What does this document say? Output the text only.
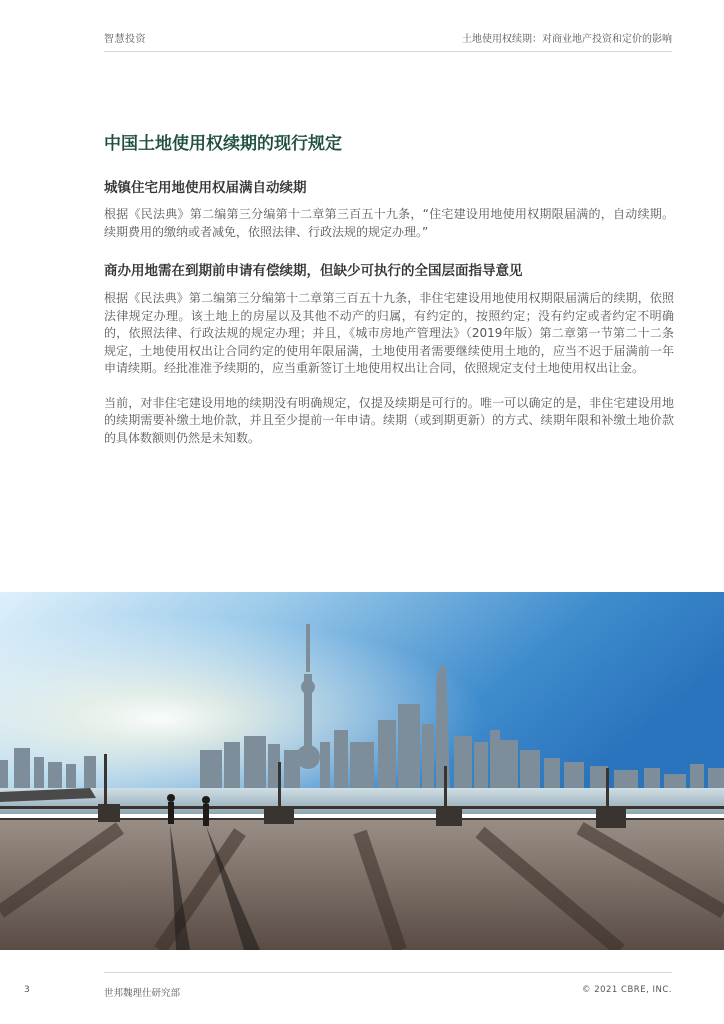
智慧投资	土地使用权续期：对商业地产投资和定价的影响
中国土地使用权续期的现行规定
城镇住宅用地使用权届满自动续期

根据《民法典》第二编第三分编第十二章第三百五十九条，“住宅建设用地使用权期限届满的，自动续期。续期费用的缴纳或者减免，依照法律、行政法规的规定办理。”

商办用地需在到期前申请有偿续期，但缺少可执行的全国层面指导意见

根据《民法典》第二编第三分编第十二章第三百五十九条，非住宅建设用地使用权期限届满后的续期，依照法律规定办理。该土地上的房屋以及其他不动产的归属，有约定的，按照约定；没有约定或者约定不明确的，依照法律、行政法规的规定办理；并且，《城市房地产管理法》（2019年版）第二章第一节第二十二条规定，土地使用权出让合同约定的使用年限届满，土地使用者需要继续使用土地的，应当不迟于届满前一年申请续期。经批准准予续期的，应当重新签订土地使用权出让合同，依照规定支付土地使用权出让金。

当前，对非住宅建设用地的续期没有明确规定，仅提及续期是可行的。唯一可以确定的是，非住宅建设用地的续期需要补缴土地价款，并且至少提前一年申请。续期（或到期更新）的方式、续期年限和补缴土地价款的具体数额则仍然是未知数。

3	世邦魏理仕研究部	© 2021 CBRE, INC.
